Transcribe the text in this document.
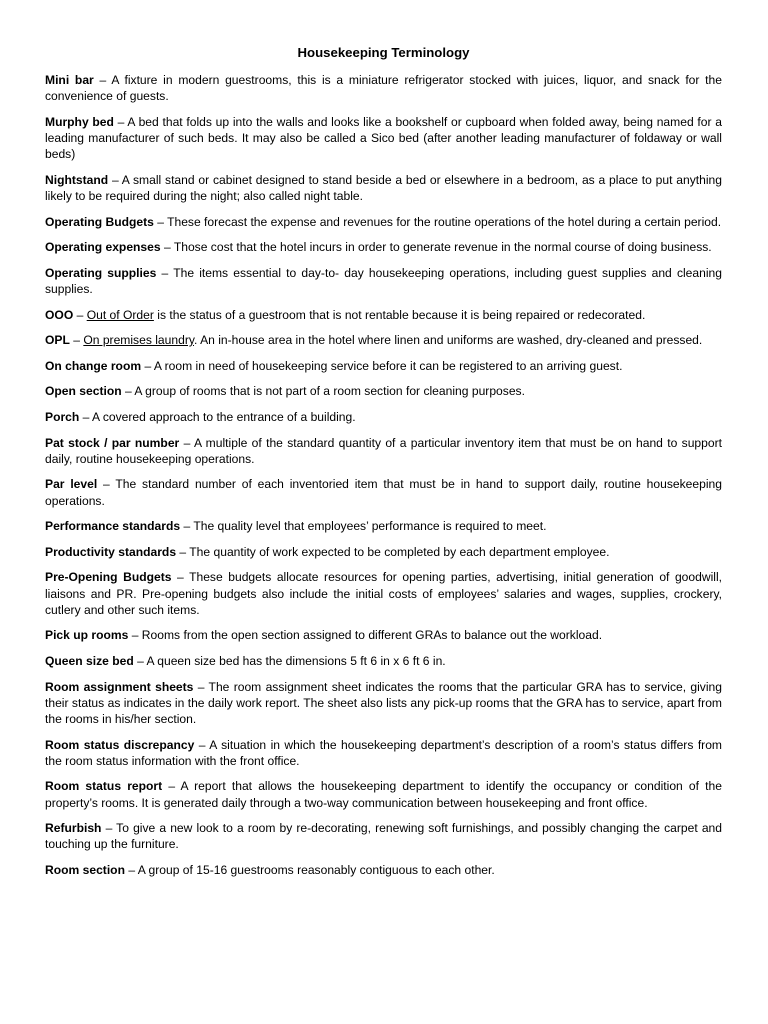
Housekeeping Terminology

Mini bar – A fixture in modern guestrooms, this is a miniature refrigerator stocked with juices, liquor, and snack for the convenience of guests.

Murphy bed – A bed that folds up into the walls and looks like a bookshelf or cupboard when folded away, being named for a leading manufacturer of such beds. It may also be called a Sico bed (after another leading manufacturer of foldaway or wall beds)

Nightstand – A small stand or cabinet designed to stand beside a bed or elsewhere in a bedroom, as a place to put anything likely to be required during the night; also called night table.

Operating Budgets – These forecast the expense and revenues for the routine operations of the hotel during a certain period.

Operating expenses – Those cost that the hotel incurs in order to generate revenue in the normal course of doing business.

Operating supplies – The items essential to day-to- day housekeeping operations, including guest supplies and cleaning supplies.

OOO – Out of Order is the status of a guestroom that is not rentable because it is being repaired or redecorated.

OPL – On premises laundry. An in-house area in the hotel where linen and uniforms are washed, dry-cleaned and pressed.

On change room – A room in need of housekeeping service before it can be registered to an arriving guest.

Open section – A group of rooms that is not part of a room section for cleaning purposes.

Porch – A covered approach to the entrance of a building.

Pat stock / par number – A multiple of the standard quantity of a particular inventory item that must be on hand to support daily, routine housekeeping operations.

Par level – The standard number of each inventoried item that must be in hand to support daily, routine housekeeping operations.

Performance standards – The quality level that employees’ performance is required to meet.

Productivity standards – The quantity of work expected to be completed by each department employee.

Pre-Opening Budgets – These budgets allocate resources for opening parties, advertising, initial generation of goodwill, liaisons and PR. Pre-opening budgets also include the initial costs of employees’ salaries and wages, supplies, crockery, cutlery and other such items.

Pick up rooms – Rooms from the open section assigned to different GRAs to balance out the workload.

Queen size bed – A queen size bed has the dimensions 5 ft 6 in x 6 ft 6 in.

Room assignment sheets – The room assignment sheet indicates the rooms that the particular GRA has to service, giving their status as indicates in the daily work report. The sheet also lists any pick-up rooms that the GRA has to service, apart from the rooms in his/her section.

Room status discrepancy – A situation in which the housekeeping department’s description of a room’s status differs from the room status information with the front office.

Room status report – A report that allows the housekeeping department to identify the occupancy or condition of the property’s rooms. It is generated daily through a two-way communication between housekeeping and front office.

Refurbish – To give a new look to a room by re-decorating, renewing soft furnishings, and possibly changing the carpet and touching up the furniture.

Room section – A group of 15-16 guestrooms reasonably contiguous to each other.
